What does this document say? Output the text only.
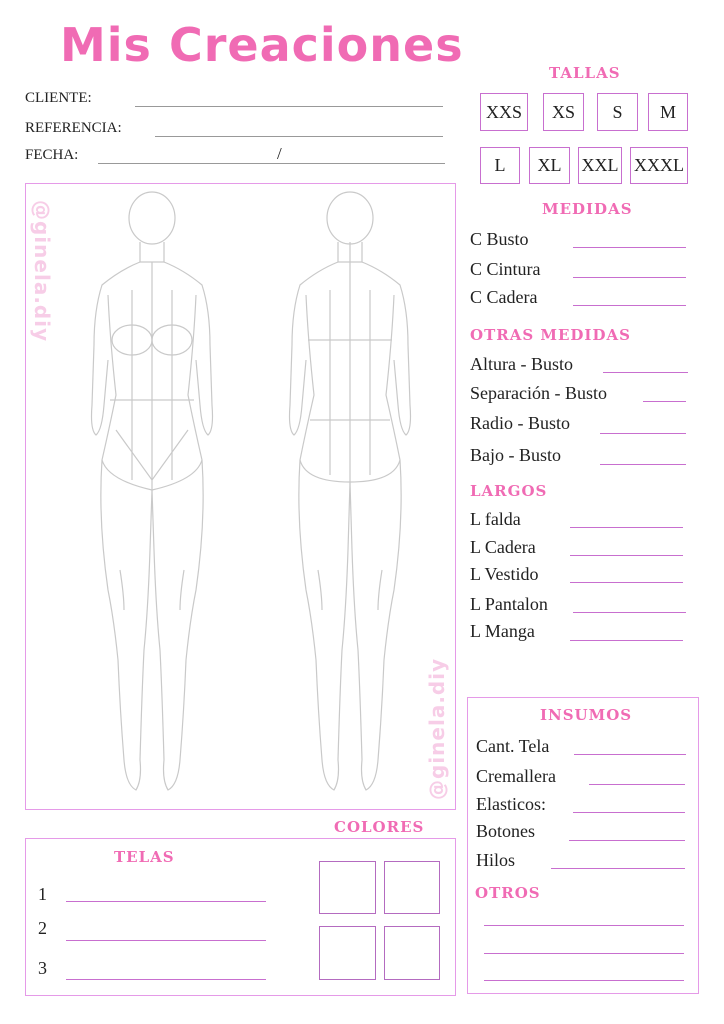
Mis Creaciones
CLIENTE:
REFERENCIA:
FECHA:	/
@ginela.diy
@ginela.diy
TALLAS
XXS	XS	S	M
L	XL	XXL XXXL
MEDIDAS
C Busto
C Cintura
C Cadera
OTRAS MEDIDAS
Altura - Busto
Separación - Busto
Radio - Busto
Bajo - Busto
LARGOS
L falda
L Cadera
L Vestido
L Pantalon
L Manga
INSUMOS
Cant. Tela
Cremallera
Elasticos:
Botones
Hilos
OTROS
COLORES
TELAS
1
2
3
